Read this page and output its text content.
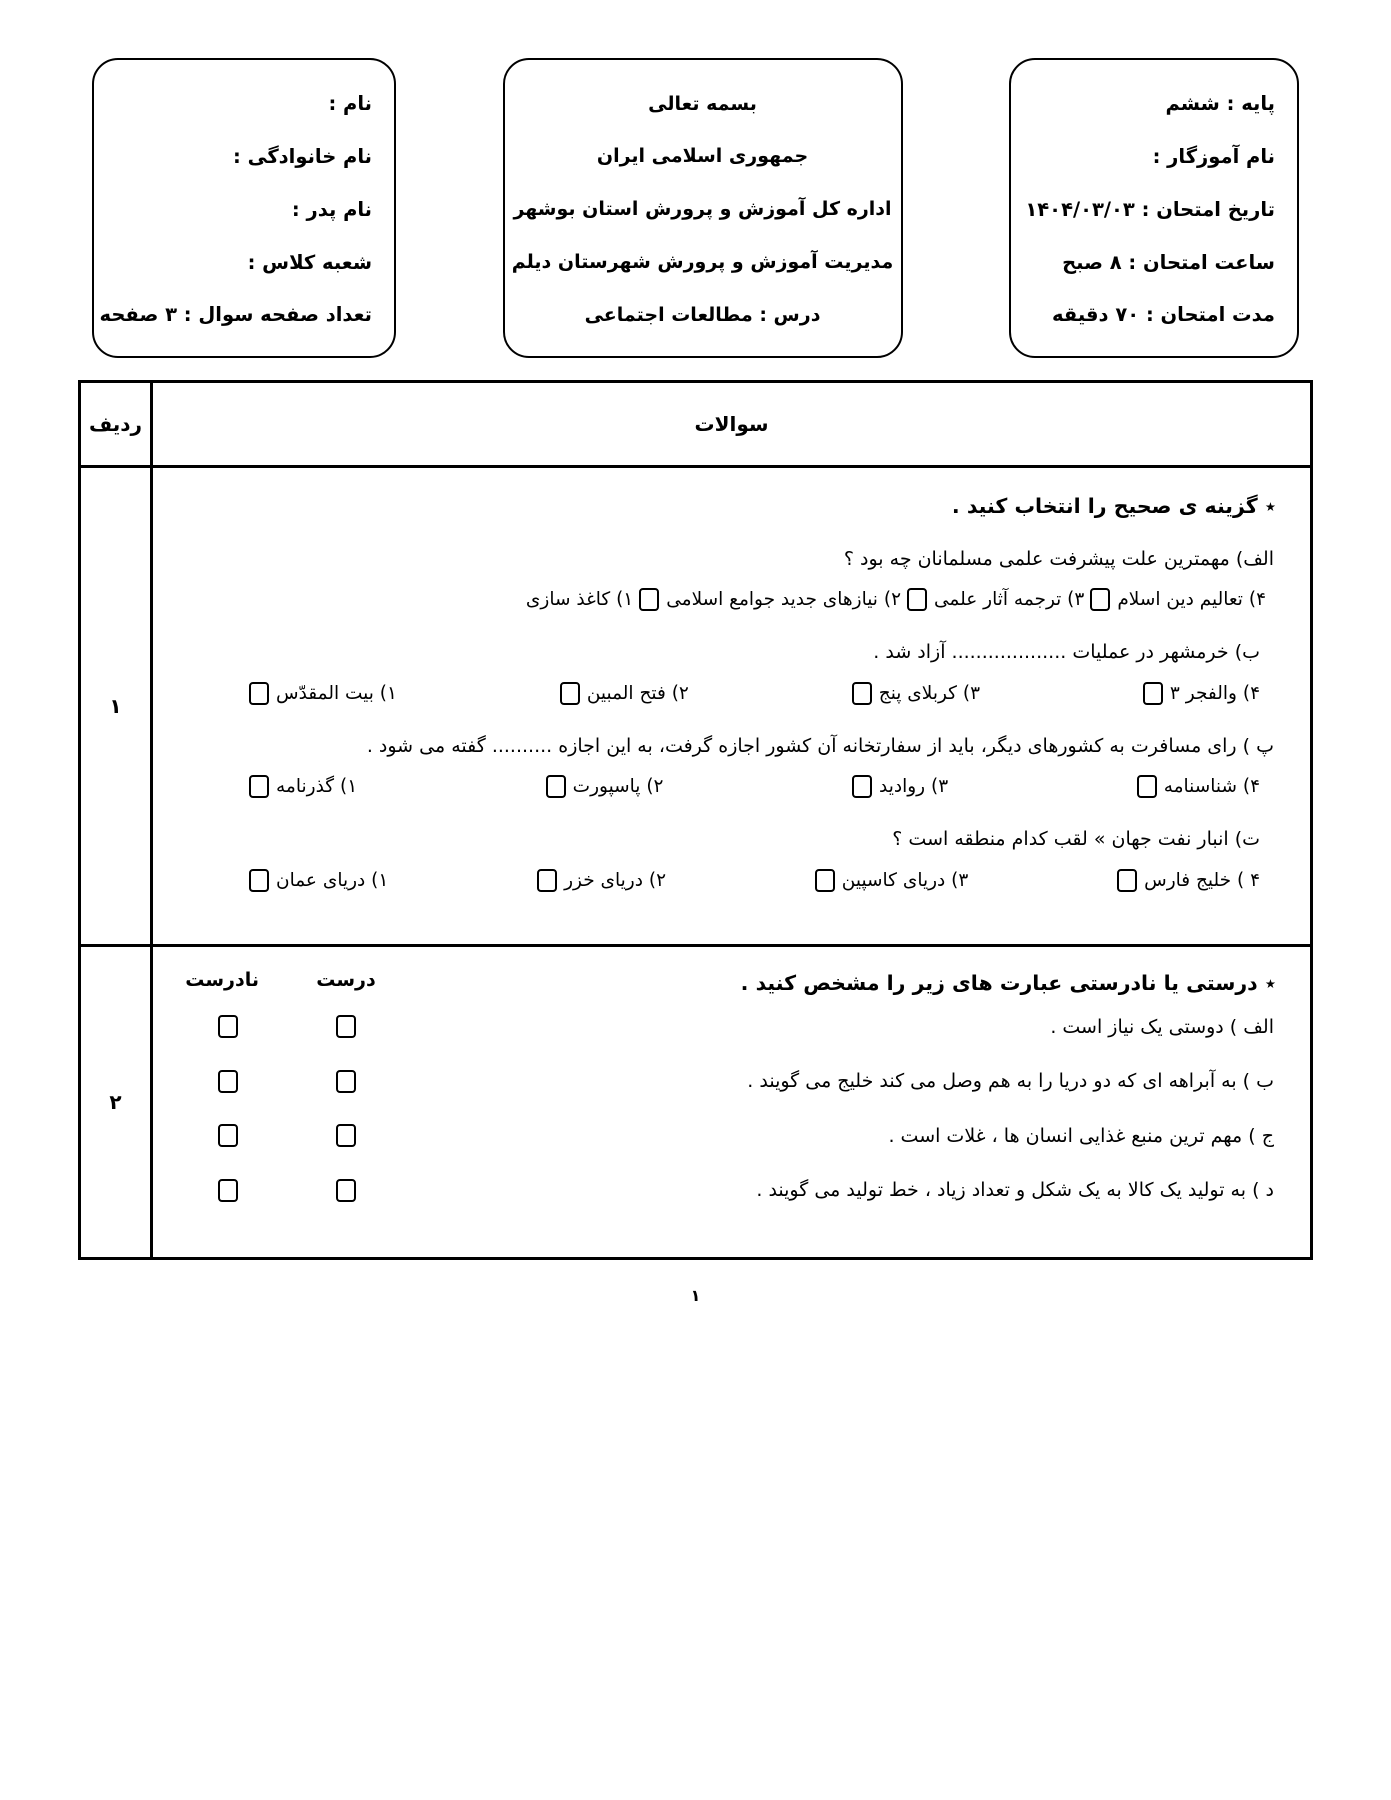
پایه : ششم
نام آموزگار :
تاریخ امتحان : ۱۴۰۴/۰۳/۰۳
ساعت امتحان : ۸ صبح
مدت امتحان : ۷۰ دقیقه
بسمه تعالی
جمهوری اسلامی ایران
اداره کل آموزش و پرورش استان بوشهر
مدیریت آموزش و پرورش شهرستان دیلم
درس : مطالعات اجتماعی
نام :
نام خانوادگی :
نام پدر :
شعبه کلاس :
تعداد صفحه سوال : ۳ صفحه
سوالات	ردیف

٭ گزینه ی صحیح را انتخاب کنید .
الف) مهمترین علت پیشرفت علمی مسلمانان چه بود ؟
۴) تعالیم دین اسلام
۳) ترجمه آثار علمی
۲) نیازهای جدید جوامع اسلامی
۱) کاغذ سازی
ب) خرمشهر در عملیات ................... آزاد شد .
۴) والفجر ۳
۳) کربلای پنج
۲) فتح المبین
۱) بیت المقدّس
پ ) رای مسافرت به کشورهای دیگر، باید از سفارتخانه آن کشور اجازه گرفت، به این اجازه .......... گفته می شود .
۴) شناسنامه
۳) روادید
۲) پاسپورت
۱) گذرنامه
ت) انبار نفت جهان » لقب کدام منطقه است ؟
۴ ) خلیج فارس
۳) دریای کاسپین
۲) دریای خزر
۱) دریای عمان
	۱

٭ درستی یا نادرستی عبارت های زیر را مشخص کنید .
درست
نادرست
الف ) دوستی یک نیاز است .
ب ) به آبراهه ای که دو دریا را به هم وصل می کند خلیج می گویند .
ج ) مهم ترین منبع غذایی انسان ها ، غلات است .
د ) به تولید یک کالا به یک شکل و تعداد زیاد ، خط تولید می گویند .
	۲
۱
